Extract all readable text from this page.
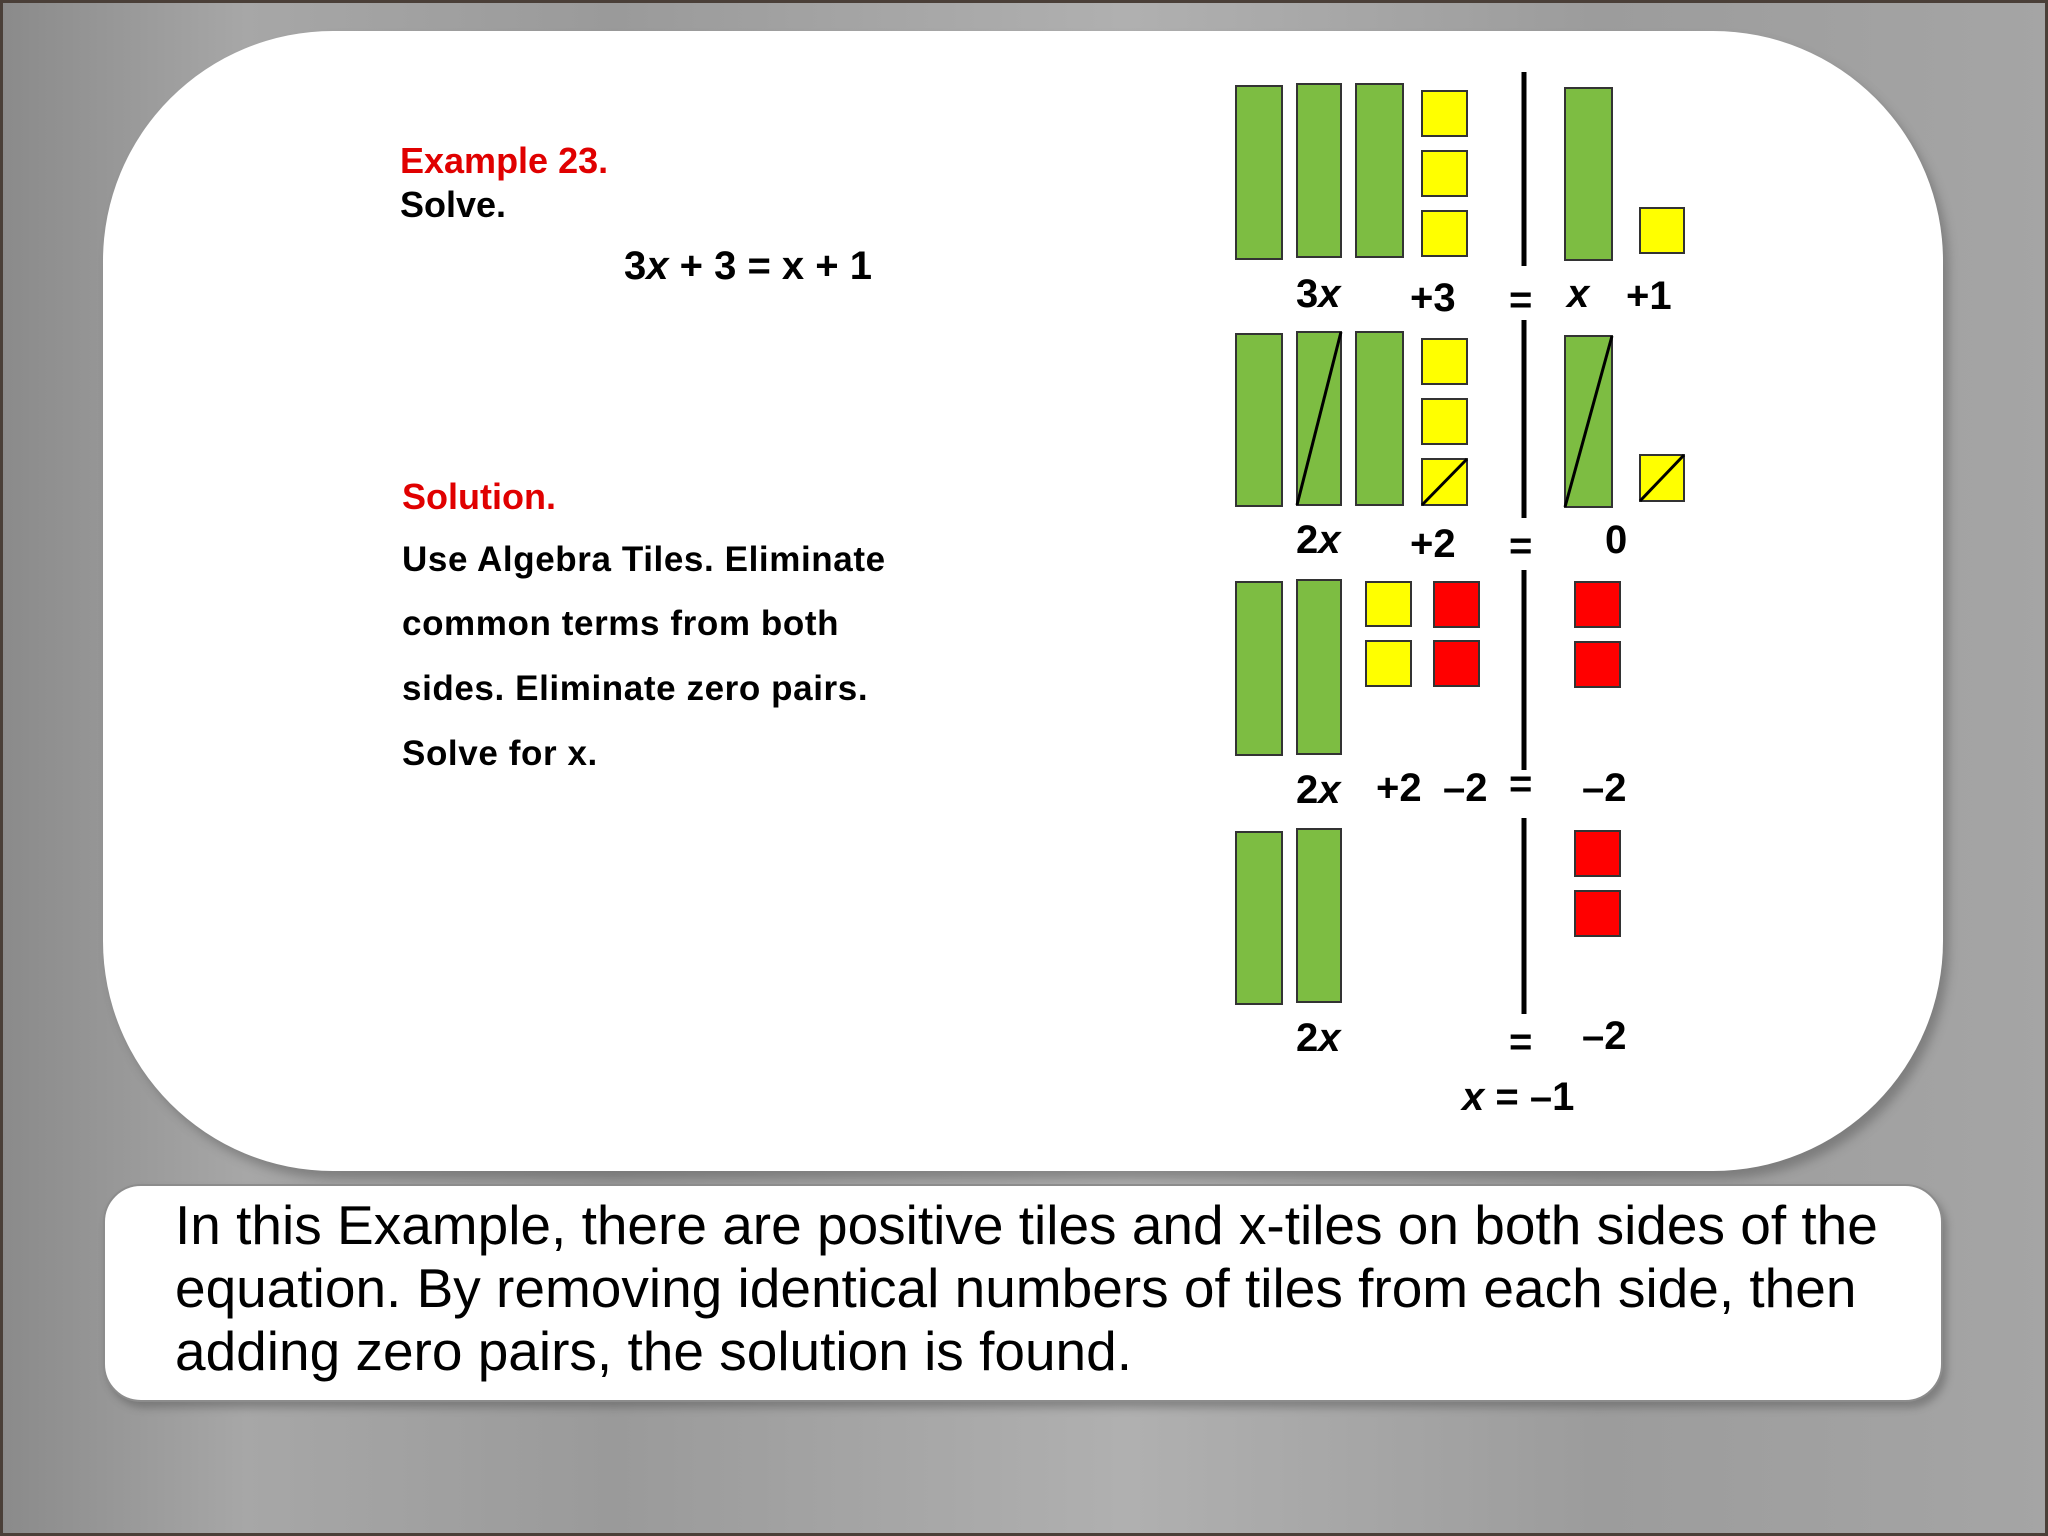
Example 23.
Solve.
3x + 3 = x + 1
Solution.
Use Algebra Tiles. Eliminate
common terms from both
sides. Eliminate zero pairs.
Solve for x.
3x +3 = x +1
2x +2 = 0
2x +2 –2 = –2
2x	= –2
x = –1
In this Example, there are positive tiles and x-tiles on both sides of the equation. By removing identical numbers of tiles from each side, then adding zero pairs, the solution is found.
